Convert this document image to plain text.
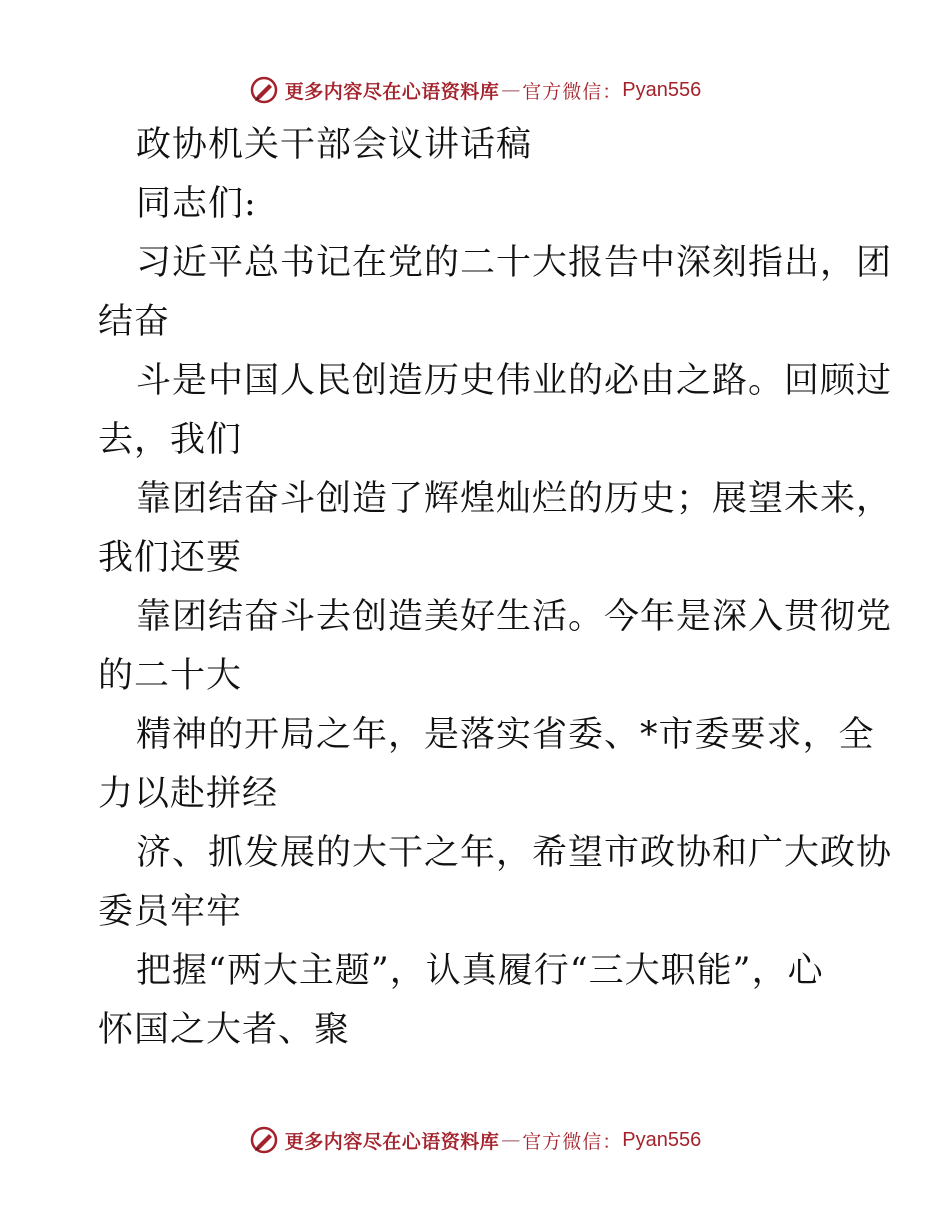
更多内容尽在心语资料库 — 官方微信： Pyan556
政协机关干部会议讲话稿
同志们:
习近平总书记在党的二十大报告中深刻指出，团
结奋
斗是中国人民创造历史伟业的必由之路。回顾过
去，我们
靠团结奋斗创造了辉煌灿烂的历史；展望未来，
我们还要
靠团结奋斗去创造美好生活。今年是深入贯彻党
的二十大
精神的开局之年，是落实省委、*市委要求，全
力以赴拼经
济、抓发展的大干之年，希望市政协和广大政协
委员牢牢
把握“两大主题”，认真履行“三大职能”，心
怀国之大者、聚
更多内容尽在心语资料库 — 官方微信： Pyan556
